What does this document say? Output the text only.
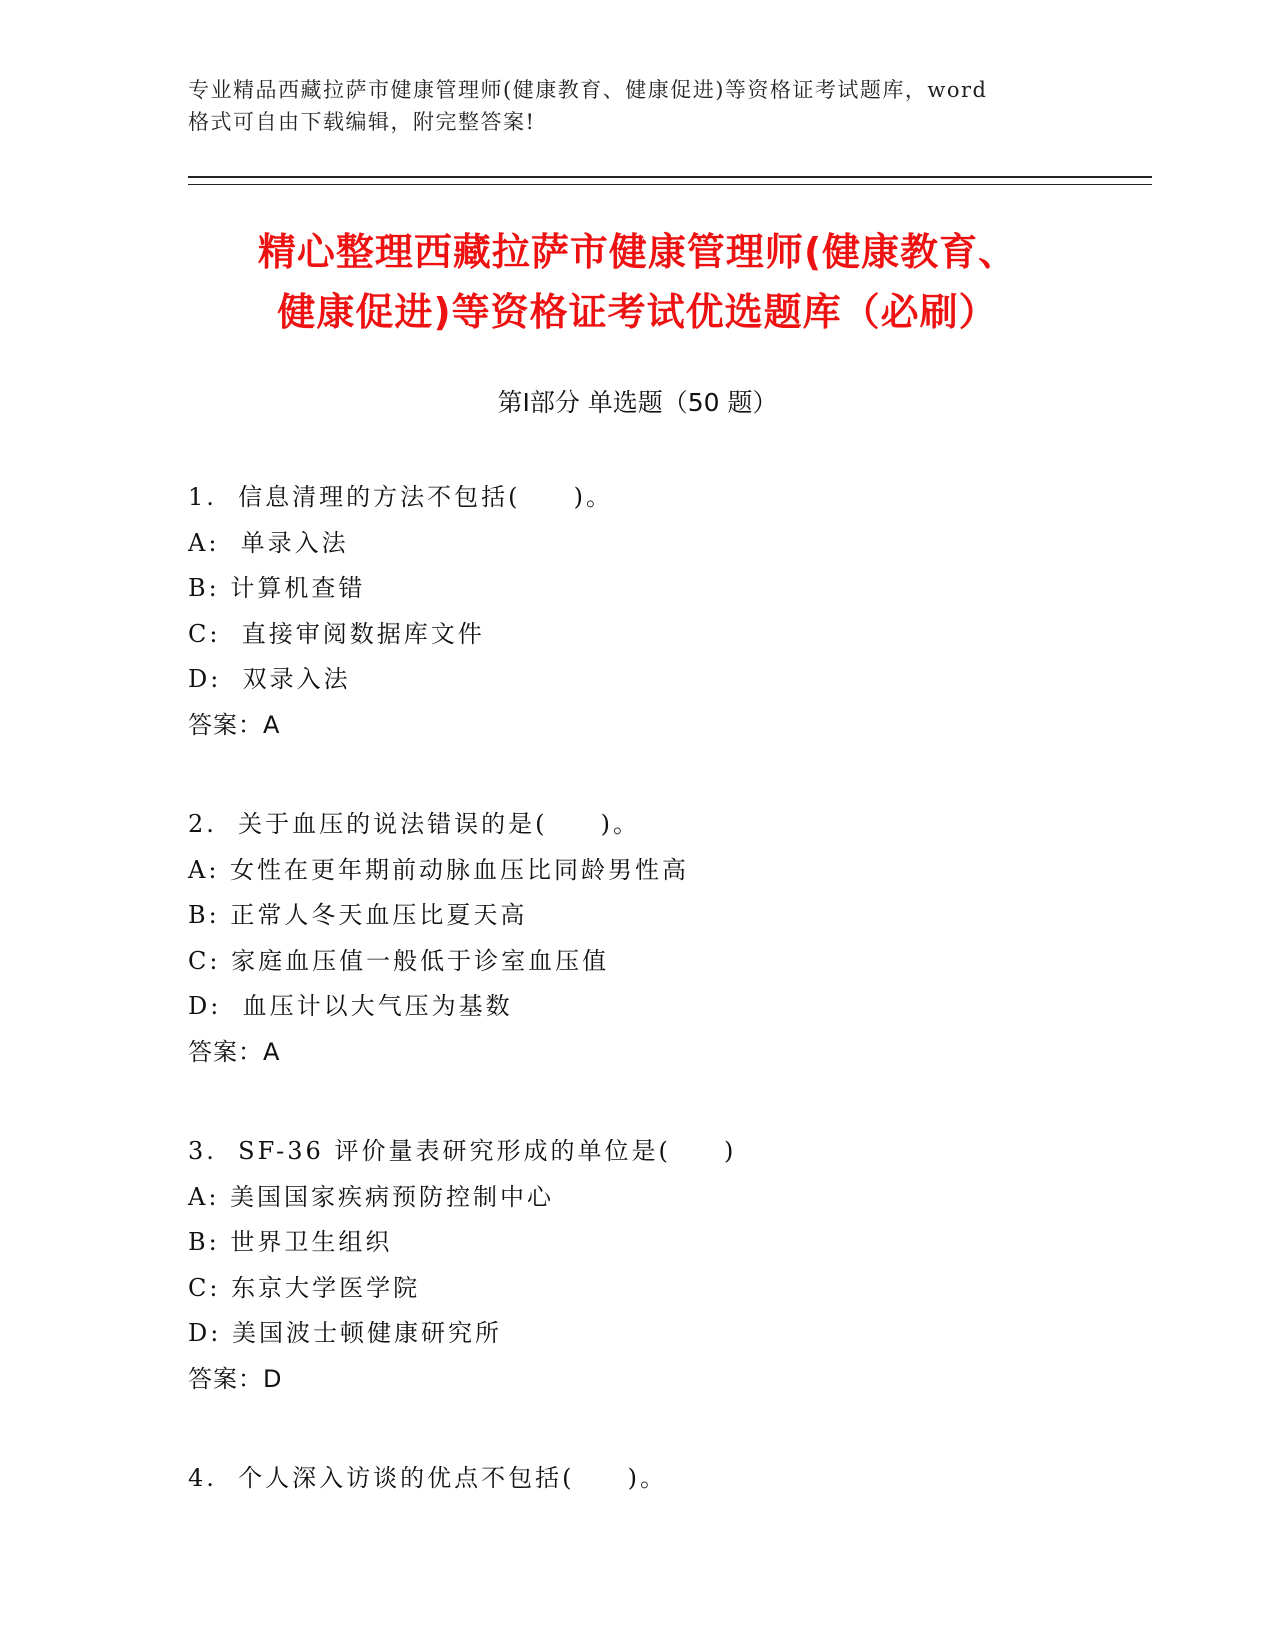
专业精品西藏拉萨市健康管理师(健康教育、健康促进)等资格证考试题库，word
格式可自由下载编辑，附完整答案!
精心整理西藏拉萨市健康管理师(健康教育、
健康促进)等资格证考试优选题库（必刷）
第Ⅰ部分 单选题（50 题）
1.  信息清理的方法不包括(     )。
A:  单录入法
B: 计算机查错
C:  直接审阅数据库文件
D:  双录入法
答案：A
2.  关于血压的说法错误的是(     )。
A: 女性在更年期前动脉血压比同龄男性高
B: 正常人冬天血压比夏天高
C: 家庭血压值一般低于诊室血压值
D:  血压计以大气压为基数
答案：A
3.  SF-36 评价量表研究形成的单位是(     )
A: 美国国家疾病预防控制中心
B: 世界卫生组织
C: 东京大学医学院
D: 美国波士顿健康研究所
答案：D
4.  个人深入访谈的优点不包括(     )。
